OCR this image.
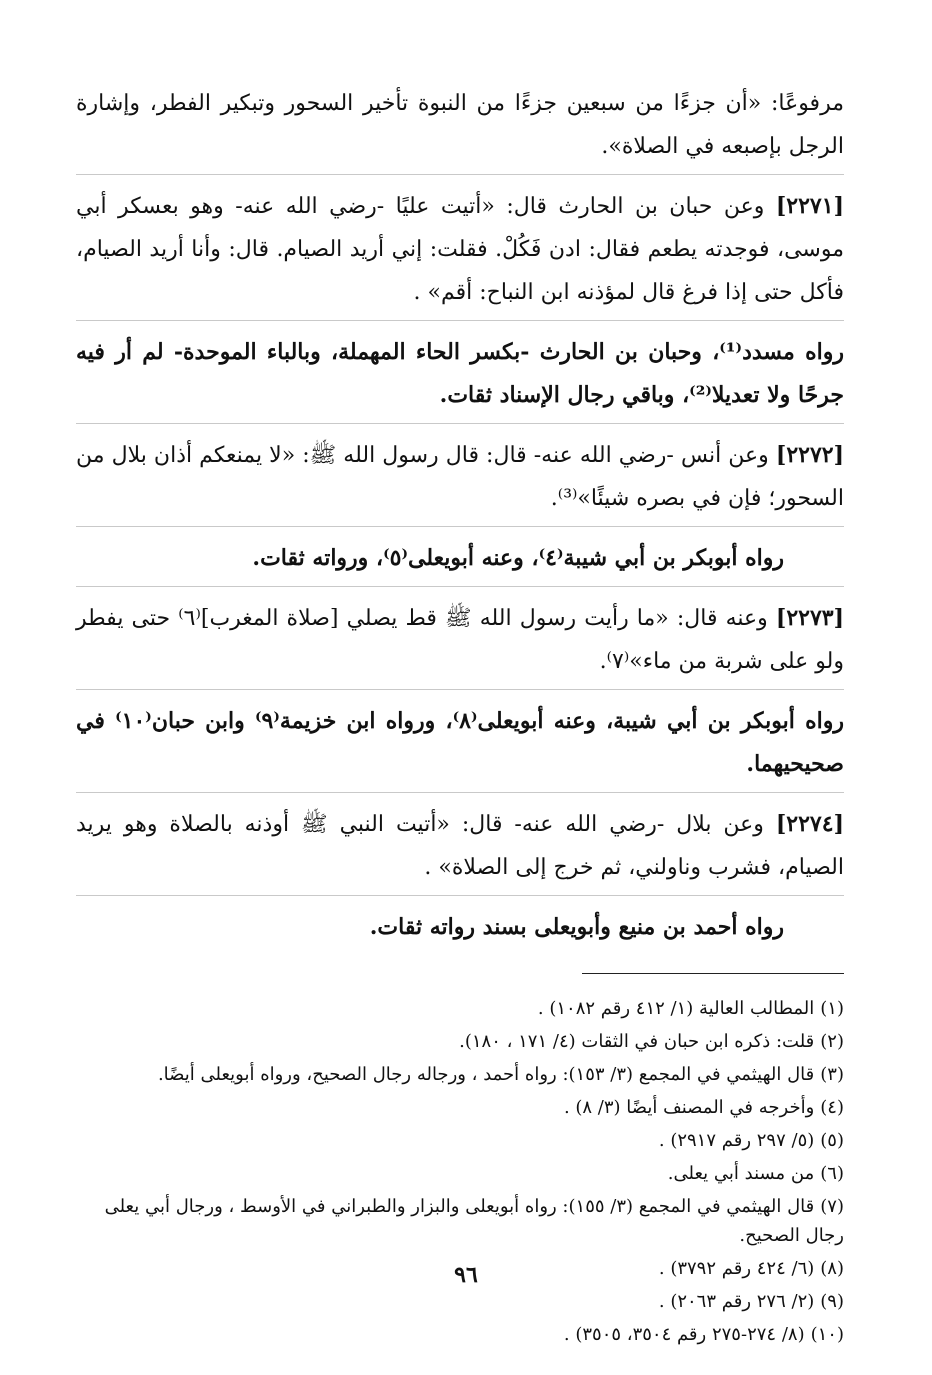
مرفوعًا: «أن جزءًا من سبعين جزءًا من النبوة تأخير السحور وتبكير الفطر، وإشارة الرجل بإصبعه في الصلاة».
[٢٢٧١] وعن حبان بن الحارث قال: «أتيت عليًا -رضي الله عنه- وهو بعسكر أبي موسى، فوجدته يطعم فقال: ادن فَكُلْ. فقلت: إني أريد الصيام. قال: وأنا أريد الصيام، فأكل حتى إذا فرغ قال لمؤذنه ابن النباح: أقم» .
رواه مسدد⁽¹⁾، وحبان بن الحارث -بكسر الحاء المهملة، وبالباء الموحدة- لم أر فيه جرحًا ولا تعديلا⁽²⁾، وباقي رجال الإسناد ثقات.
[٢٢٧٢] وعن أنس -رضي الله عنه- قال: قال رسول الله ﷺ: «لا يمنعكم أذان بلال من السحور؛ فإن في بصره شيئًا»⁽³⁾.
رواه أبوبكر بن أبي شيبة⁽٤⁾، وعنه أبويعلى⁽٥⁾، ورواته ثقات.
[٢٢٧٣] وعنه قال: «ما رأيت رسول الله ﷺ قط يصلي [صلاة المغرب]⁽٦⁾ حتى يفطر ولو على شربة من ماء»⁽٧⁾.
رواه أبوبكر بن أبي شيبة، وعنه أبويعلى⁽٨⁾، ورواه ابن خزيمة⁽٩⁾ وابن حبان⁽١٠⁾ في صحيحيهما.
[٢٢٧٤] وعن بلال -رضي الله عنه- قال: «أتيت النبي ﷺ أوذنه بالصلاة وهو يريد الصيام، فشرب وناولني، ثم خرج إلى الصلاة» .
رواه أحمد بن منيع وأبويعلى بسند رواته ثقات.
(١)المطالب العالية (١/ ٤١٢ رقم ١٠٨٢) .
(٢)قلت: ذكره ابن حبان في الثقات (٤/ ١٧١ ، ١٨٠).
(٣)قال الهيثمي في المجمع (٣/ ١٥٣): رواه أحمد ، ورجاله رجال الصحيح، ورواه أبويعلى أيضًا.
(٤)وأخرجه في المصنف أيضًا (٣/ ٨) .
(٥)(٥/ ٢٩٧ رقم ٢٩١٧) .
(٦)من مسند أبي يعلى.
(٧)قال الهيثمي في المجمع (٣/ ١٥٥): رواه أبويعلى والبزار والطبراني في الأوسط ، ورجال أبي يعلى رجال الصحيح.
(٨)(٦/ ٤٢٤ رقم ٣٧٩٢) .
(٩)(٢/ ٢٧٦ رقم ٢٠٦٣) .
(١٠)(٨/ ٢٧٤-٢٧٥ رقم ٣٥٠٤، ٣٥٠٥) .
٩٦
